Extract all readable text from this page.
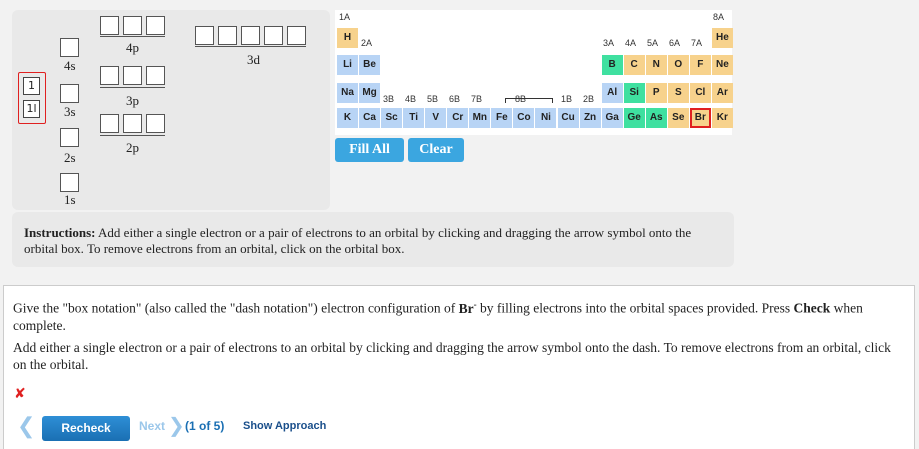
4s
3s
2s
1s
4p
3d
3p
2p
1
1l
H	He
Li	Be	B	C	N	O	F	Ne
Na Mg	Al	Si	P	S	Cl	Ar
K	Ca Sc	Ti	V	Cr Mn Fe Co	Ni	Cu Zn Ga Ge As Se	Br	Kr
1A	8A
2A	3A 4A 5A 6A 7A
3B 4B 5B 6B 7B	8B	1B 2B
Fill All	Clear
Instructions: Add either a single electron or a pair of electrons to an orbital by clicking and dragging the arrow symbol onto the orbital box. To remove electrons from an orbital, click on the orbital box.
Give the "box notation" (also called the "dash notation") electron configuration of Br- by filling electrons into the orbital spaces provided. Press Check when complete.
Add either a single electron or a pair of electrons to an orbital by clicking and dragging the arrow symbol onto the dash. To remove electrons from an orbital, click on the orbital.
✘
❮	Recheck	Next ❯ (1 of 5) Show Approach
